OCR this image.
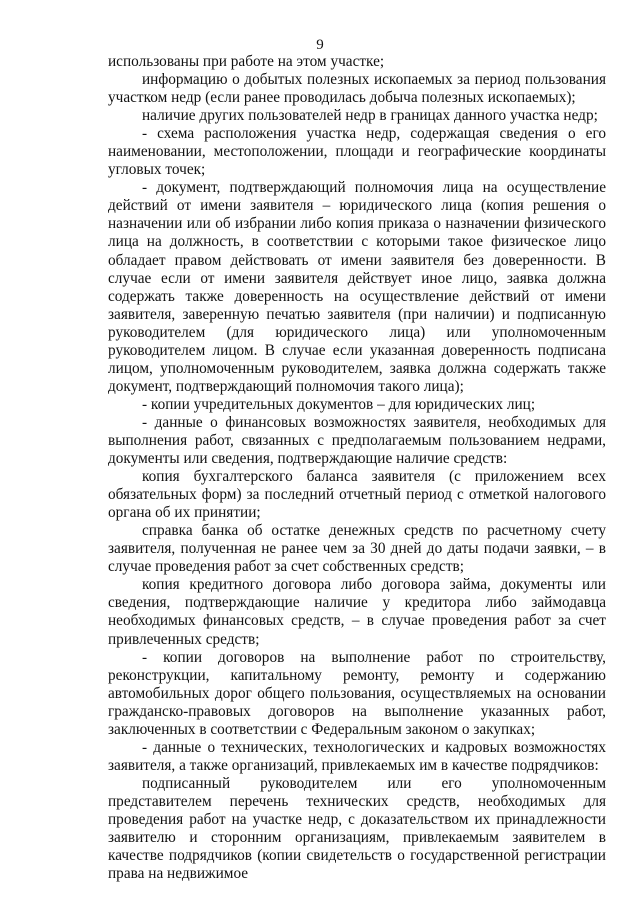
9

использованы при работе на этом участке;

информацию о добытых полезных ископаемых за период пользования участком недр (если ранее проводилась добыча полезных ископаемых);

наличие других пользователей недр в границах данного участка недр;

- схема расположения участка недр, содержащая сведения о его наименовании, местоположении, площади и географические координаты угловых точек;

- документ, подтверждающий полномочия лица на осуществление действий от имени заявителя – юридического лица (копия решения о назначении или об избрании либо копия приказа о назначении физического лица на должность, в соответствии с которыми такое физическое лицо обладает правом действовать от имени заявителя без доверенности. В случае если от имени заявителя действует иное лицо, заявка должна содержать также доверенность на осуществление действий от имени заявителя, заверенную печатью заявителя (при наличии) и подписанную руководителем (для юридического лица) или уполномоченным руководителем лицом. В случае если указанная доверенность подписана лицом, уполномоченным руководителем, заявка должна содержать также документ, подтверждающий полномочия такого лица);

- копии учредительных документов – для юридических лиц;

- данные о финансовых возможностях заявителя, необходимых для выполнения работ, связанных с предполагаемым пользованием недрами, документы или сведения, подтверждающие наличие средств:

копия бухгалтерского баланса заявителя (с приложением всех обязательных форм) за последний отчетный период с отметкой налогового органа об их принятии;

справка банка об остатке денежных средств по расчетному счету заявителя, полученная не ранее чем за 30 дней до даты подачи заявки, – в случае проведения работ за счет собственных средств;

копия кредитного договора либо договора займа, документы или сведения, подтверждающие наличие у кредитора либо займодавца необходимых финансовых средств, – в случае проведения работ за счет привлеченных средств;

- копии договоров на выполнение работ по строительству, реконструкции, капитальному ремонту, ремонту и содержанию автомобильных дорог общего пользования, осуществляемых на основании гражданско-правовых договоров на выполнение указанных работ, заключенных в соответствии с Федеральным законом о закупках;

- данные о технических, технологических и кадровых возможностях заявителя, а также организаций, привлекаемых им в качестве подрядчиков:

подписанный руководителем или его уполномоченным представителем перечень технических средств, необходимых для проведения работ на участке недр, с доказательством их принадлежности заявителю и сторонним организациям, привлекаемым заявителем в качестве подрядчиков (копии свидетельств о государственной регистрации права на недвижимое
